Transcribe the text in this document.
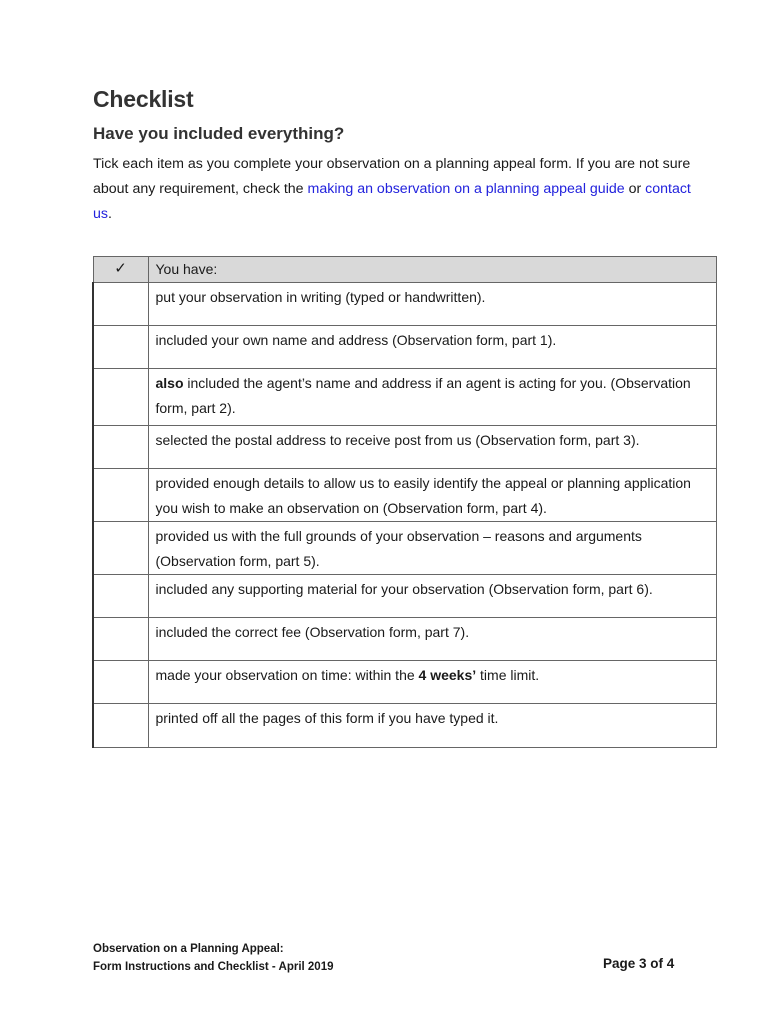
Checklist
Have you included everything?

Tick each item as you complete your observation on a planning appeal form. If you are not sure about any requirement, check the making an observation on a planning appeal guide or contact us.

✓	You have:
	put your observation in writing (typed or handwritten).
	included your own name and address (Observation form, part 1).
	also included the agent’s name and address if an agent is acting for you. (Observation form, part 2).
	selected the postal address to receive post from us (Observation form, part 3).
	provided enough details to allow us to easily identify the appeal or planning application you wish to make an observation on (Observation form, part 4).
	provided us with the full grounds of your observation – reasons and arguments (Observation form, part 5).
	included any supporting material for your observation (Observation form, part 6).
	included the correct fee (Observation form, part 7).
	made your observation on time: within the 4 weeks’ time limit.
	printed off all the pages of this form if you have typed it.
Observation on a Planning Appeal:
Form Instructions and Checklist - April 2019	Page 3 of 4
